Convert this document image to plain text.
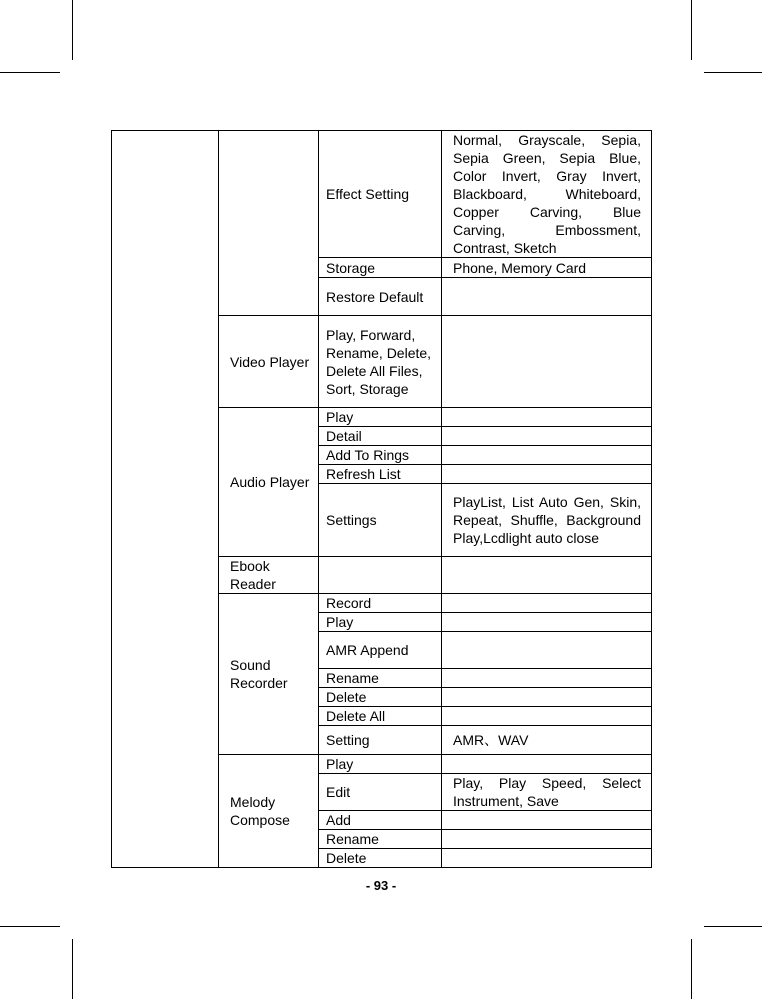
		Effect Setting	Normal, Grayscale, Sepia, Sepia Green, Sepia Blue, Color Invert, Gray Invert, Blackboard, Whiteboard, Copper Carving, Blue Carving, Embossment, Contrast, Sketch
		Storage	Phone, Memory Card
		Restore Default	
	Video Player	Play, Forward, Rename, Delete, Delete All Files, Sort, Storage	
	Audio Player	Play	
		Detail	
		Add To Rings	
		Refresh List	
		Settings	PlayList, List Auto Gen, Skin, Repeat, Shuffle, Background Play,Lcdlight auto close
	Ebook Reader		
	Sound Recorder	Record	
		Play	
		AMR Append	
		Rename	
		Delete	
		Delete All	
		Setting	AMR、WAV
	Melody Compose	Play	
		Edit	Play, Play Speed, Select Instrument, Save
		Add	
		Rename	
		Delete	
- 93 -
